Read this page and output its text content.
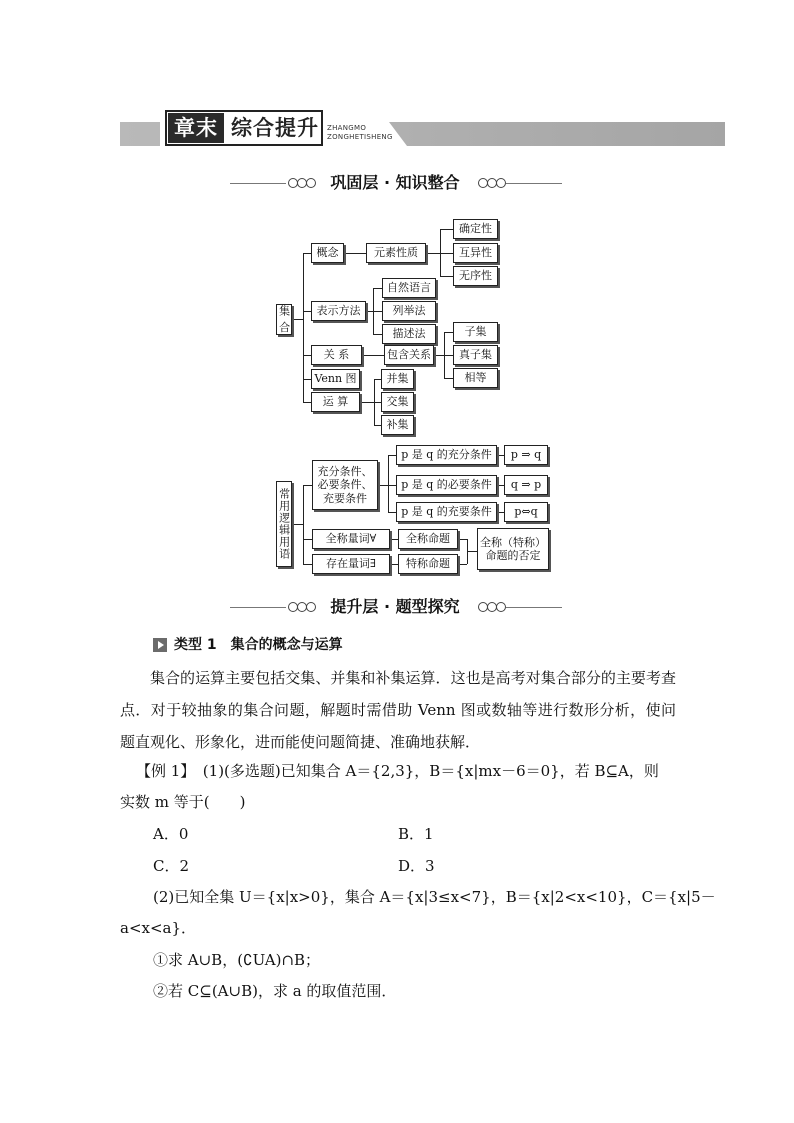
章末 综合提升 ZHANGMO
ZONGHETISHENG
巩固层 · 知识整合
集 合
概念	元素性质
确定性
互异性
无序性
表示方法
自然语言
列举法
描述法
关 系	包含关系
子集
真子集
相等
Venn 图
运 算
并集
交集
补集
常用逻辑用语
充分条件、必要条件、充要条件
p 是 q 的充分条件
p 是 q 的必要条件
p 是 q 的充要条件
p ⇒ q
q ⇒ p
p⇔q
全称量词∀
存在量词∃
全称命题
特称命题
全称（特称）命题的否定
提升层 · 题型探究
类型 1　集合的概念与运算
集合的运算主要包括交集、并集和补集运算．这也是高考对集合部分的主要考查点．对于较抽象的集合问题，解题时需借助 Venn 图或数轴等进行数形分析，使问题直观化、形象化，进而能使问题简捷、准确地获解．
【例 1】　(1)(多选题)已知集合 A＝{2,3}，B＝{x|mx－6＝0}，若 B⊆A，则
实数 m 等于(　　)
A．0	B．1
C．2	D．3
(2)已知全集 U＝{x|x>0}，集合 A＝{x|3≤x<7}，B＝{x|2<x<10}，C＝{x|5－
a<x<a}．
①求 A∪B，(∁UA)∩B；
②若 C⊆(A∪B)，求 a 的取值范围．
